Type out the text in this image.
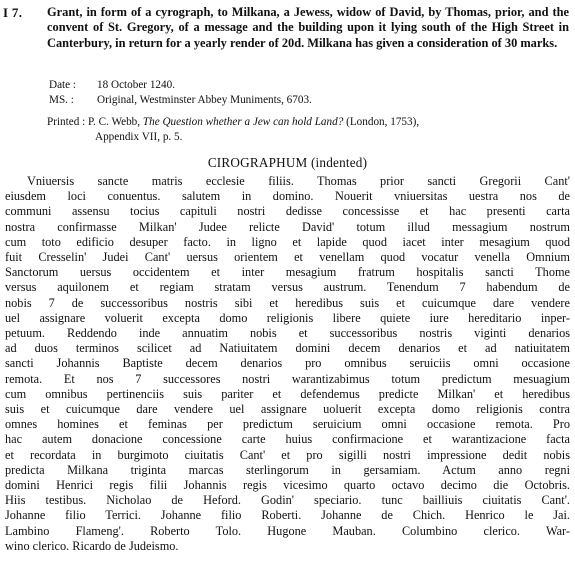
I 7. Grant, in form of a cyrograph, to Milkana, a Jewess, widow of David, by Thomas, prior, and the convent of St. Gregory, of a message and the building upon it lying south of the High Street in Canterbury, in return for a yearly render of 20d. Milkana has given a consideration of 30 marks.
Date : 18 October 1240.
MS. : Original, Westminster Abbey Muniments, 6703.
Printed : P. C. Webb, The Question whether a Jew can hold Land? (London, 1753),
Appendix VII, p. 5.
CIROGRAPHUM (indented)
Vniuersis sancte matris ecclesie filiis. Thomas prior sancti Gregorii Cant'
eiusdem loci conuentus. salutem in domino. Nouerit vniuersitas uestra nos de
communi assensu tocius capituli nostri dedisse concessisse et hac presenti carta
nostra confirmasse Milkan' Judee relicte David' totum illud messagium nostrum
cum toto edificio desuper facto. in ligno et lapide quod iacet inter mesagium quod
fuit Cresselin' Judei Cant' uersus orientem et venellam quod vocatur venella Omnium
Sanctorum uersus occidentem et inter mesagium fratrum hospitalis sancti Thome
versus aquilonem et regiam stratam versus austrum. Tenendum 7 habendum de
nobis 7 de successoribus nostris sibi et heredibus suis et cuicumque dare vendere
uel assignare voluerit excepta domo religionis libere quiete iure hereditario inper-
petuum. Reddendo inde annuatim nobis et successoribus nostris viginti denarios
ad duos terminos scilicet ad Natiuitatem domini decem denarios et ad natiuitatem
sancti Johannis Baptiste decem denarios pro omnibus seruiciis omni occasione
remota. Et nos 7 successores nostri warantizabimus totum predictum mesuagium
cum omnibus pertinenciis suis pariter et defendemus predicte Milkan' et heredibus
suis et cuicumque dare vendere uel assignare uoluerit excepta domo religionis contra
omnes homines et feminas per predictum seruicium omni occasione remota. Pro
hac autem donacione concessione carte huius confirmacione et warantizacione facta
et recordata in burgimoto ciuitatis Cant' et pro sigilli nostri impressione dedit nobis
predicta Milkana triginta marcas sterlingorum in gersamiam. Actum anno regni
domini Henrici regis filii Johannis regis vicesimo quarto octavo decimo die Octobris.
Hiis testibus. Nicholao de Heford. Godin' speciario. tunc bailliuis ciuitatis Cant'.
Johanne filio Terrici. Johanne filio Roberti. Johanne de Chich. Henrico le Jai.
Lambino Flameng'. Roberto Tolo. Hugone Mauban. Columbino clerico. War-
wino clerico. Ricardo de Judeismo.
